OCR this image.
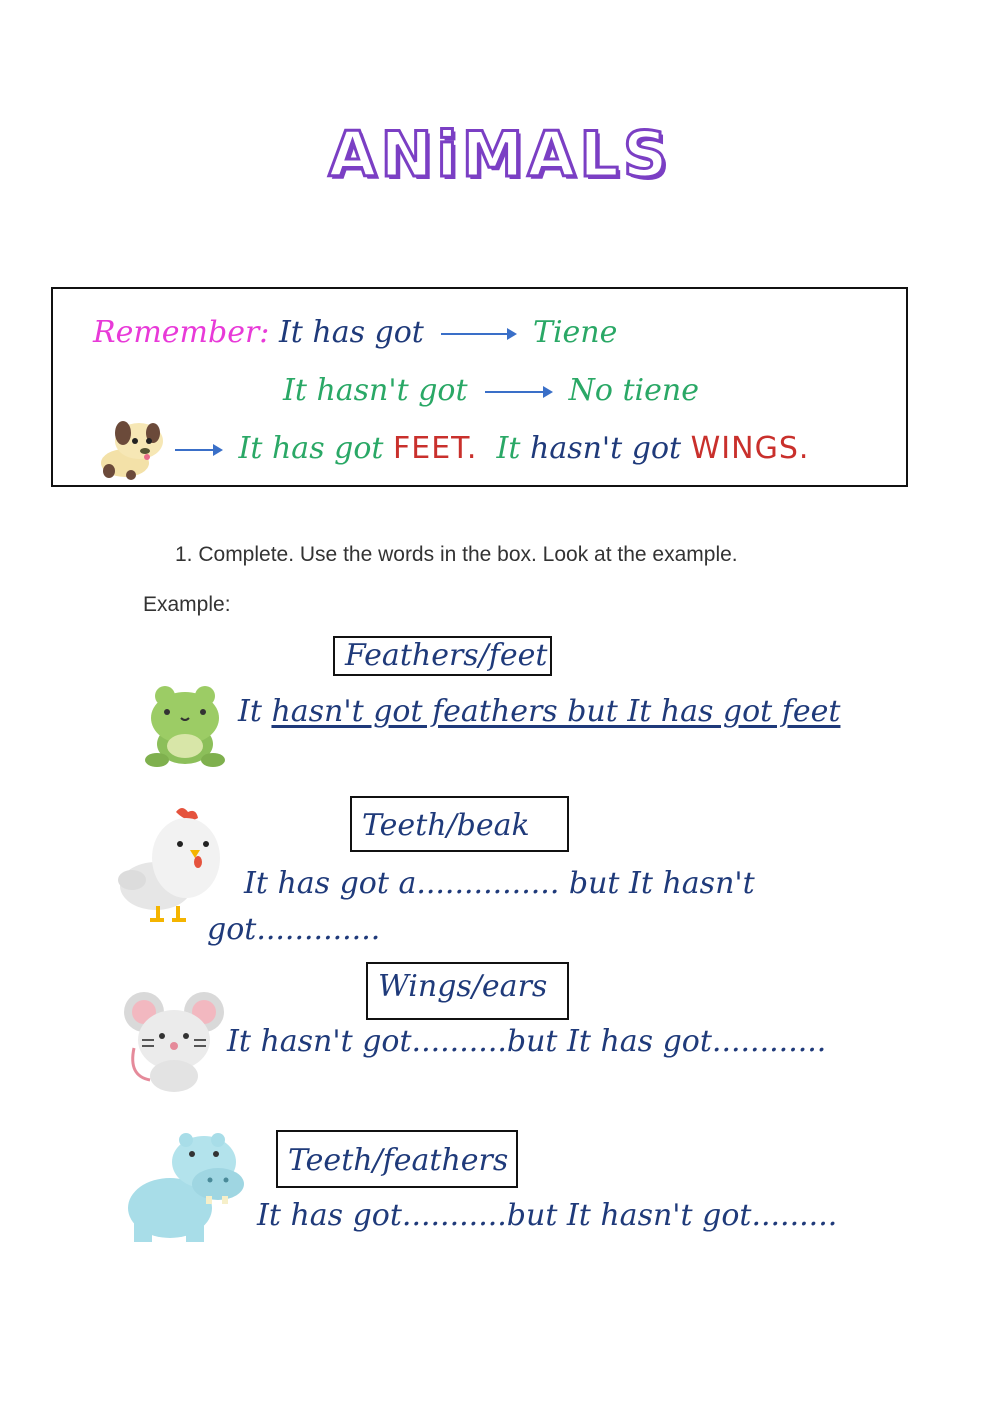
ANiMALS
Remember: It has got	Tiene
It hasn't got	No tiene
It has got FEET. It hasn't got WINGS.
1. Complete. Use the words in the box. Look at the example.
Example:
Feathers/feet
It hasn't got feathers but It has got feet
Teeth/beak
It has got a............... but It hasn't
got.............
Wings/ears
It hasn't got..........but It has got............
Teeth/feathers
It has got...........but It hasn't got.........
